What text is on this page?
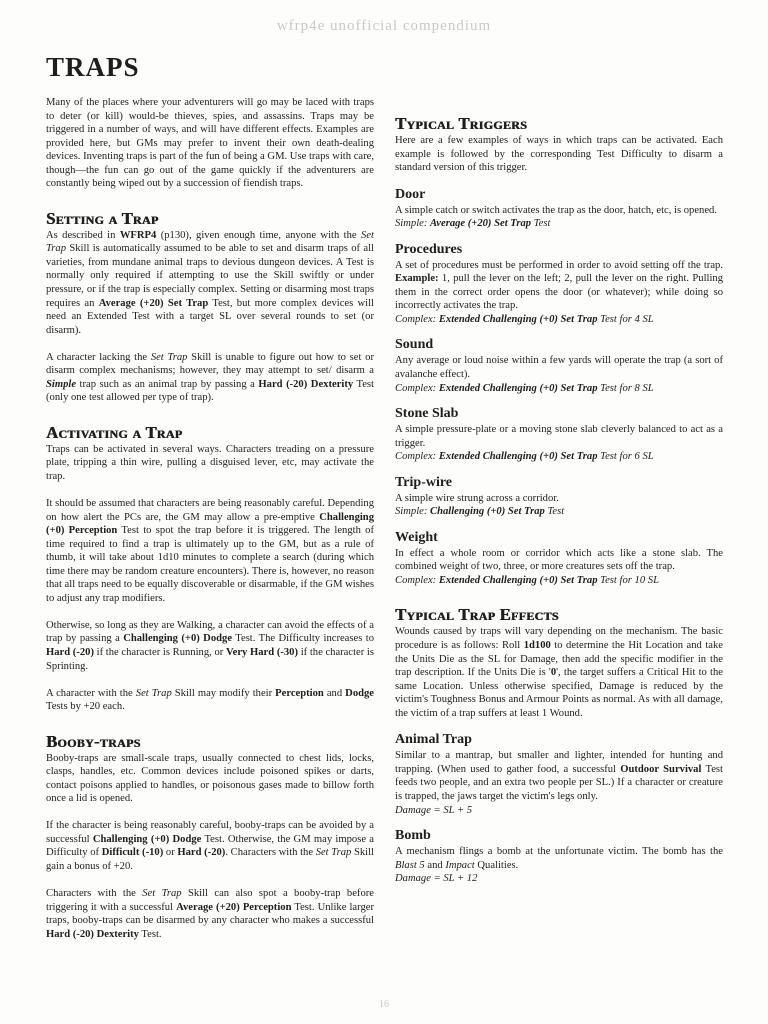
wfrp4e unofficial compendium
TRAPS

Many of the places where your adventurers will go may be laced with traps to deter (or kill) would-be thieves, spies, and assassins. Traps may be triggered in a number of ways, and will have different effects. Examples are provided here, but GMs may prefer to invent their own death-dealing devices. Inventing traps is part of the fun of being a GM. Use traps with care, though—the fun can go out of the game quickly if the adventurers are constantly being wiped out by a succession of fiendish traps.

Setting a Trap

As described in WFRP4 (p130), given enough time, anyone with the Set Trap Skill is automatically assumed to be able to set and disarm traps of all varieties, from mundane animal traps to devious dungeon devices. A Test is normally only required if attempting to use the Skill swiftly or under pressure, or if the trap is especially complex. Setting or disarming most traps requires an Average (+20) Set Trap Test, but more complex devices will need an Extended Test with a target SL over several rounds to set (or disarm).

A character lacking the Set Trap Skill is unable to figure out how to set or disarm complex mechanisms; however, they may attempt to set/ disarm a Simple trap such as an animal trap by passing a Hard (-20) Dexterity Test (only one test allowed per type of trap).

Activating a Trap

Traps can be activated in several ways. Characters treading on a pressure plate, tripping a thin wire, pulling a disguised lever, etc, may activate the trap.

It should be assumed that characters are being reasonably careful. Depending on how alert the PCs are, the GM may allow a pre-emptive Challenging (+0) Perception Test to spot the trap before it is triggered. The length of time required to find a trap is ultimately up to the GM, but as a rule of thumb, it will take about 1d10 minutes to complete a search (during which time there may be random creature encounters). There is, however, no reason that all traps need to be equally discoverable or disarmable, if the GM wishes to adjust any trap modifiers.

Otherwise, so long as they are Walking, a character can avoid the effects of a trap by passing a Challenging (+0) Dodge Test. The Difficulty increases to Hard (-20) if the character is Running, or Very Hard (-30) if the character is Sprinting.

A character with the Set Trap Skill may modify their Perception and Dodge Tests by +20 each.

Booby-traps

Booby-traps are small-scale traps, usually connected to chest lids, locks, clasps, handles, etc. Common devices include poisoned spikes or darts, contact poisons applied to handles, or poisonous gases made to billow forth once a lid is opened.

If the character is being reasonably careful, booby-traps can be avoided by a successful Challenging (+0) Dodge Test. Otherwise, the GM may impose a Difficulty of Difficult (-10) or Hard (-20). Characters with the Set Trap Skill gain a bonus of +20.

Characters with the Set Trap Skill can also spot a booby-trap before triggering it with a successful Average (+20) Perception Test. Unlike larger traps, booby-traps can be disarmed by any character who makes a successful Hard (-20) Dexterity Test.

Typical Triggers

Here are a few examples of ways in which traps can be activated. Each example is followed by the corresponding Test Difficulty to disarm a standard version of this trigger.

Door

A simple catch or switch activates the trap as the door, hatch, etc, is opened.

Simple: Average (+20) Set Trap Test

Procedures

A set of procedures must be performed in order to avoid setting off the trap. Example: 1, pull the lever on the left; 2, pull the lever on the right. Pulling them in the correct order opens the door (or whatever); while doing so incorrectly activates the trap.

Complex: Extended Challenging (+0) Set Trap Test for 4 SL

Sound

Any average or loud noise within a few yards will operate the trap (a sort of avalanche effect).

Complex: Extended Challenging (+0) Set Trap Test for 8 SL

Stone Slab

A simple pressure-plate or a moving stone slab cleverly balanced to act as a trigger.

Complex: Extended Challenging (+0) Set Trap Test for 6 SL

Trip-wire

A simple wire strung across a corridor.

Simple: Challenging (+0) Set Trap Test

Weight

In effect a whole room or corridor which acts like a stone slab. The combined weight of two, three, or more creatures sets off the trap.

Complex: Extended Challenging (+0) Set Trap Test for 10 SL

Typical Trap Effects

Wounds caused by traps will vary depending on the mechanism. The basic procedure is as follows: Roll 1d100 to determine the Hit Location and take the Units Die as the SL for Damage, then add the specific modifier in the trap description. If the Units Die is '0', the target suffers a Critical Hit to the same Location. Unless otherwise specified, Damage is reduced by the victim's Toughness Bonus and Armour Points as normal. As with all damage, the victim of a trap suffers at least 1 Wound.

Animal Trap

Similar to a mantrap, but smaller and lighter, intended for hunting and trapping. (When used to gather food, a successful Outdoor Survival Test feeds two people, and an extra two people per SL.) If a character or creature is trapped, the jaws target the victim's legs only.

Damage = SL + 5

Bomb

A mechanism flings a bomb at the unfortunate victim. The bomb has the Blast 5 and Impact Qualities.

Damage = SL + 12

16
